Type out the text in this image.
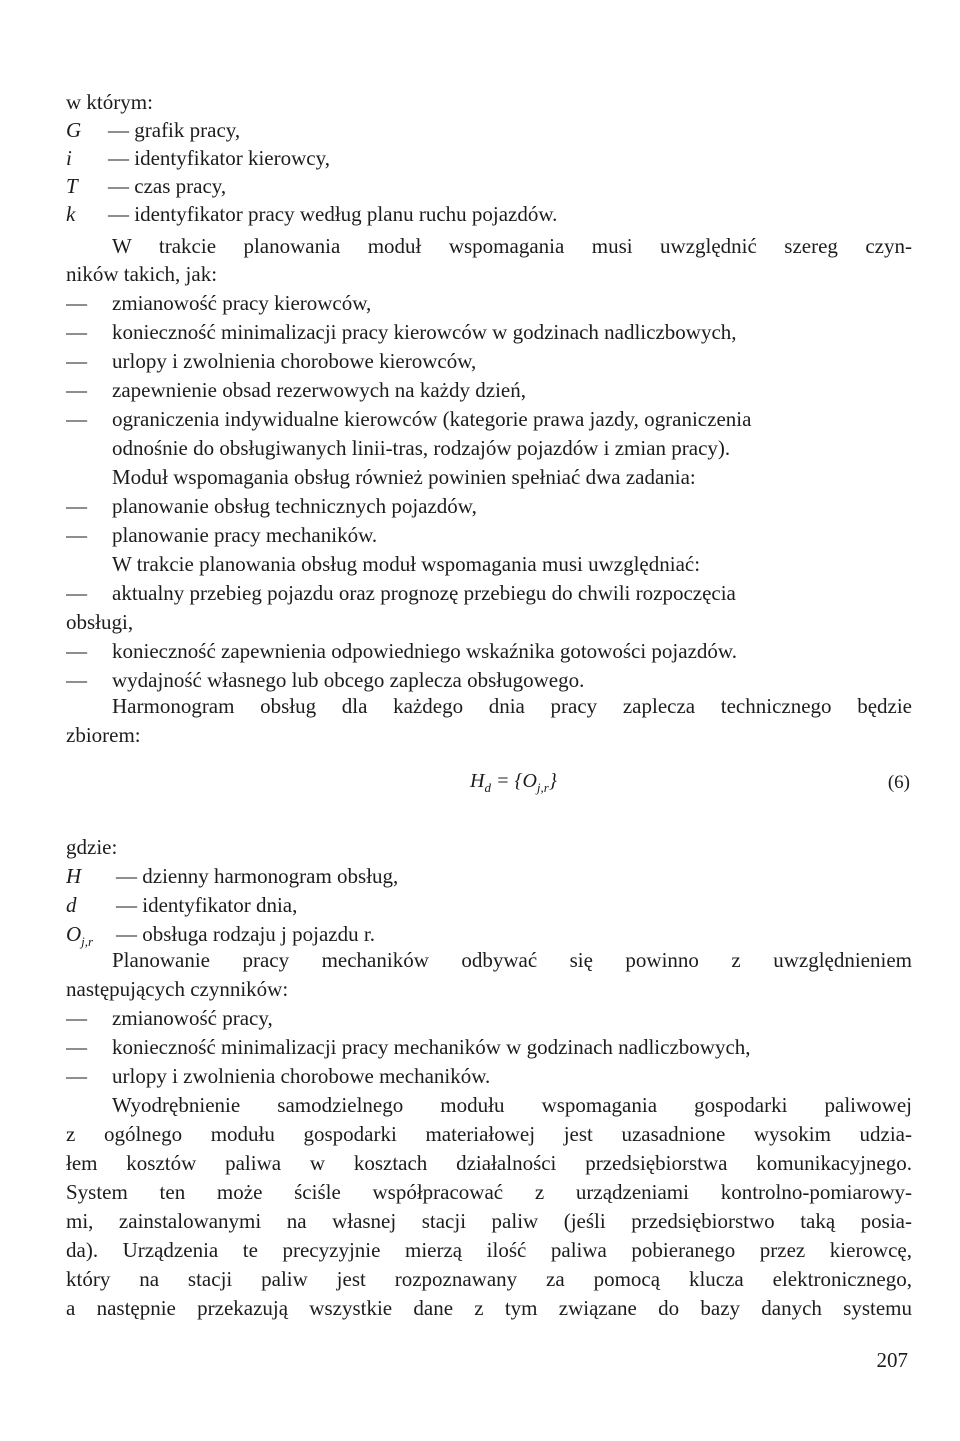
w którym:
G — grafik pracy,
i — identyfikator kierowcy,
T — czas pracy,
k — identyfikator pracy według planu ruchu pojazdów.
W trakcie planowania moduł wspomagania musi uwzględnić szereg czyn-
ników takich, jak:
— zmianowość pracy kierowców,
— konieczność minimalizacji pracy kierowców w godzinach nadliczbowych,
— urlopy i zwolnienia chorobowe kierowców,
— zapewnienie obsad rezerwowych na każdy dzień,
— ograniczenia indywidualne kierowców (kategorie prawa jazdy, ograniczenia
odnośnie do obsługiwanych linii-tras, rodzajów pojazdów i zmian pracy).
Moduł wspomagania obsług również powinien spełniać dwa zadania:
— planowanie obsług technicznych pojazdów,
— planowanie pracy mechaników.
W trakcie planowania obsług moduł wspomagania musi uwzględniać:
— aktualny przebieg pojazdu oraz prognozę przebiegu do chwili rozpoczęcia
obsługi,
— konieczność zapewnienia odpowiedniego wskaźnika gotowości pojazdów.
— wydajność własnego lub obcego zaplecza obsługowego.
Harmonogram obsług dla każdego dnia pracy zaplecza technicznego będzie
zbiorem:
$H_d = \{O_{j,r}\}$	(6)
gdzie:
H — dzienny harmonogram obsług,
d — identyfikator dnia,
$O_{j,r}$ — obsługa rodzaju j pojazdu r.
Planowanie pracy mechaników odbywać się powinno z uwzględnieniem
następujących czynników:
— zmianowość pracy,
— konieczność minimalizacji pracy mechaników w godzinach nadliczbowych,
— urlopy i zwolnienia chorobowe mechaników.
Wyodrębnienie samodzielnego modułu wspomagania gospodarki paliwowej
z ogólnego modułu gospodarki materiałowej jest uzasadnione wysokim udzia-
łem kosztów paliwa w kosztach działalności przedsiębiorstwa komunikacyjnego.
System ten może ściśle współpracować z urządzeniami kontrolno-pomiarowy-
mi, zainstalowanymi na własnej stacji paliw (jeśli przedsiębiorstwo taką posia-
da). Urządzenia te precyzyjnie mierzą ilość paliwa pobieranego przez kierowcę,
który na stacji paliw jest rozpoznawany za pomocą klucza elektronicznego,
a następnie przekazują wszystkie dane z tym związane do bazy danych systemu
207
